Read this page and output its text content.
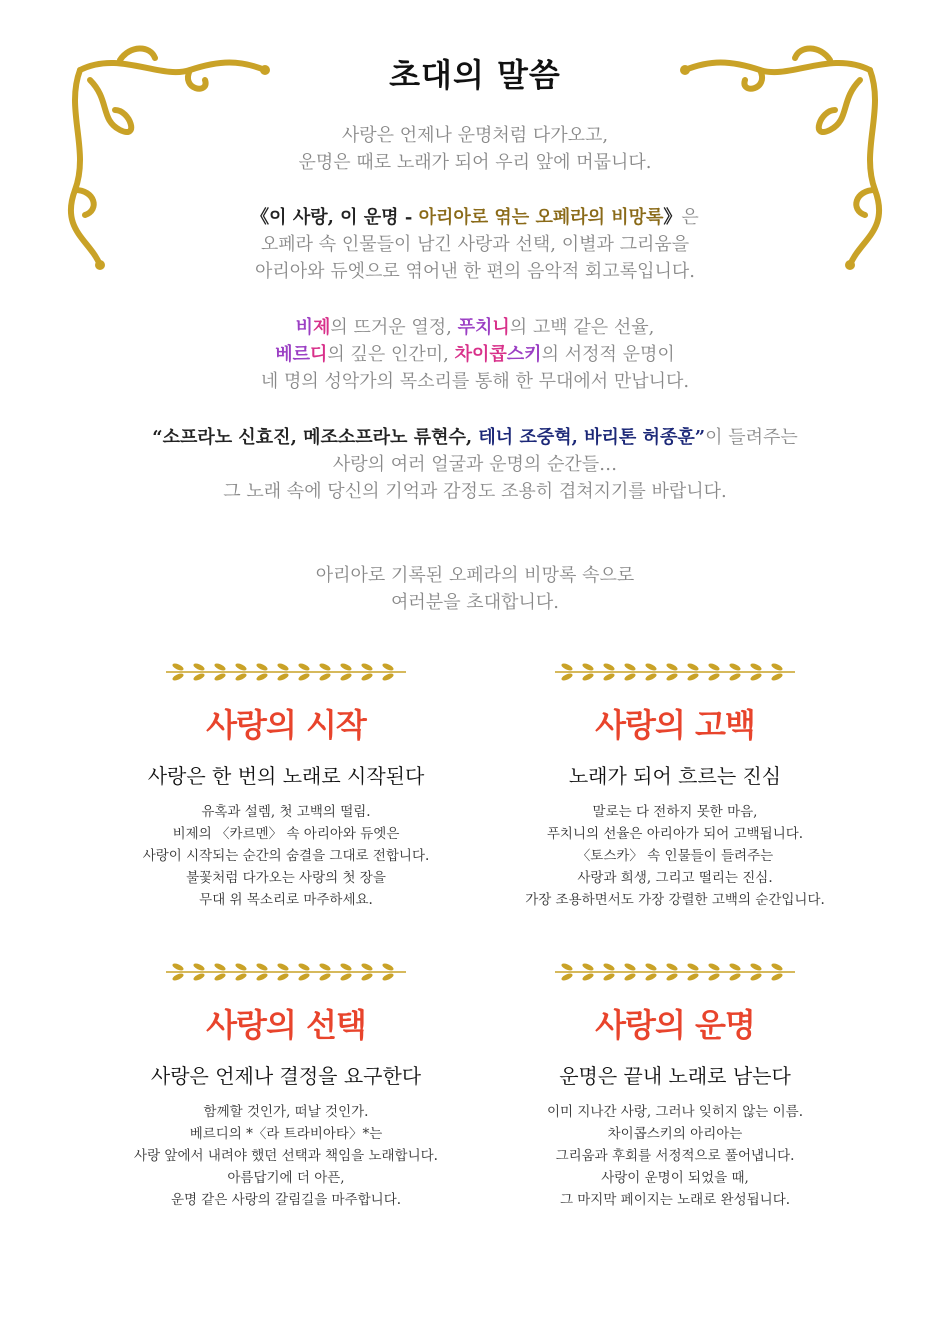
초대의 말씀
사랑은 언제나 운명처럼 다가오고,
운명은 때로 노래가 되어 우리 앞에 머뭅니다.
《이 사랑, 이 운명 - 아리아로 엮는 오페라의 비망록》은
오페라 속 인물들이 남긴 사랑과 선택, 이별과 그리움을
아리아와 듀엣으로 엮어낸 한 편의 음악적 회고록입니다.
비제의 뜨거운 열정, 푸치니의 고백 같은 선율,
베르디의 깊은 인간미, 차이콥스키의 서정적 운명이
네 명의 성악가의 목소리를 통해 한 무대에서 만납니다.
“소프라노 신효진, 메조소프라노 류현수, 테너 조중혁, 바리톤 허종훈”이 들려주는
사랑의 여러 얼굴과 운명의 순간들…
그 노래 속에 당신의 기억과 감정도 조용히 겹쳐지기를 바랍니다.
아리아로 기록된 오페라의 비망록 속으로
여러분을 초대합니다.
사랑의 시작
사랑은 한 번의 노래로 시작된다
유혹과 설렘, 첫 고백의 떨림.
비제의 〈카르멘〉 속 아리아와 듀엣은
사랑이 시작되는 순간의 숨결을 그대로 전합니다.
불꽃처럼 다가오는 사랑의 첫 장을
무대 위 목소리로 마주하세요.
사랑의 고백
노래가 되어 흐르는 진심
말로는 다 전하지 못한 마음,
푸치니의 선율은 아리아가 되어 고백됩니다.
〈토스카〉 속 인물들이 들려주는
사랑과 희생, 그리고 떨리는 진심.
가장 조용하면서도 가장 강렬한 고백의 순간입니다.
사랑의 선택
사랑은 언제나 결정을 요구한다
함께할 것인가, 떠날 것인가.
베르디의 *〈라 트라비아타〉*는
사랑 앞에서 내려야 했던 선택과 책임을 노래합니다.
아름답기에 더 아픈,
운명 같은 사랑의 갈림길을 마주합니다.
사랑의 운명
운명은 끝내 노래로 남는다
이미 지나간 사랑, 그러나 잊히지 않는 이름.
차이콥스키의 아리아는
그리움과 후회를 서정적으로 풀어냅니다.
사랑이 운명이 되었을 때,
그 마지막 페이지는 노래로 완성됩니다.
